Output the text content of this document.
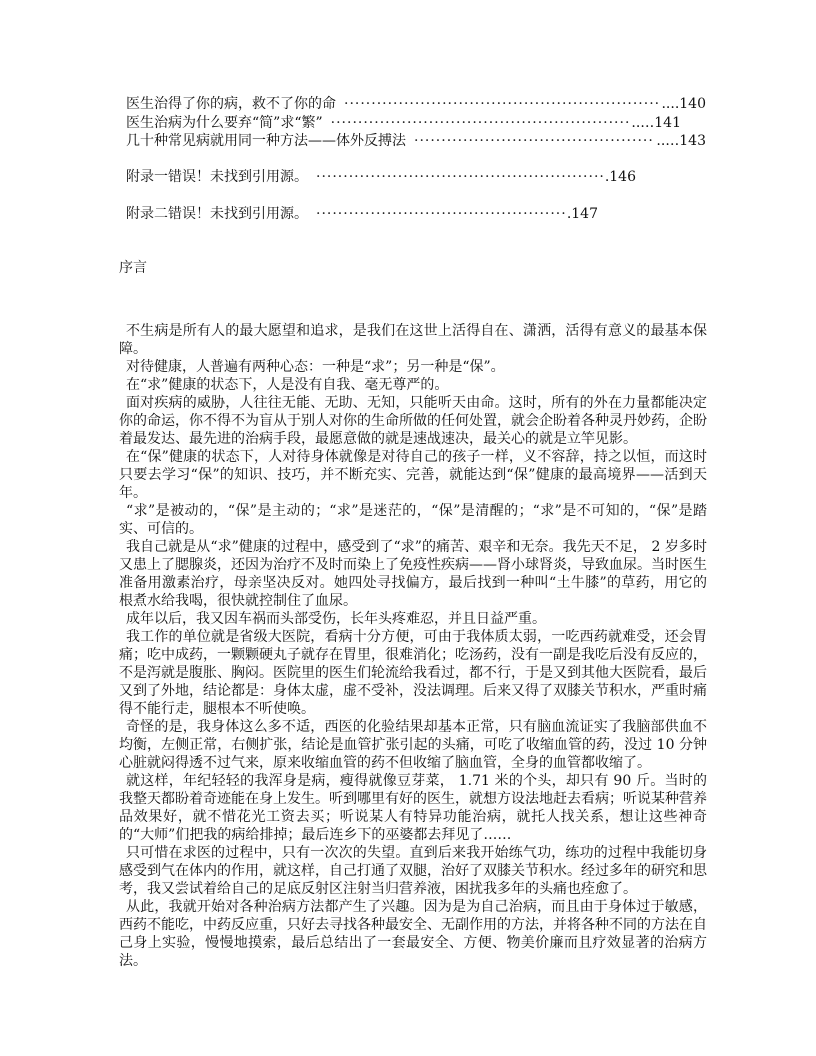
医生治得了你的病，救不了你的命 ·····	....140
医生治病为什么要弃“简”求“繁” ·····	..…141
几十种常见病就用同一种方法——体外反搏法 ·····	..…143
附录一错误！未找到引用源。 ·····	.146
附录二错误！未找到引用源。 ·····	.147
序言

不生病是所有人的最大愿望和追求，是我们在这世上活得自在、潇洒，活得有意义的最基本保障。

对待健康，人普遍有两种心态：一种是“求”；另一种是“保”。

在“求”健康的状态下，人是没有自我、毫无尊严的。

面对疾病的威胁，人往往无能、无助、无知，只能听天由命。这时，所有的外在力量都能决定你的命运，你不得不为盲从于别人对你的生命所做的任何处置，就会企盼着各种灵丹妙药，企盼着最发达、最先进的治病手段，最愿意做的就是速战速决，最关心的就是立竿见影。

在“保”健康的状态下，人对待身体就像是对待自己的孩子一样，义不容辞，持之以恒，而这时只要去学习“保”的知识、技巧，并不断充实、完善，就能达到“保”健康的最高境界——活到天年。

“求”是被动的，“保”是主动的；“求”是迷茫的，“保”是清醒的；“求”是不可知的，“保”是踏实、可信的。

我自己就是从“求”健康的过程中，感受到了“求”的痛苦、艰辛和无奈。我先天不足， 2 岁多时又患上了腮腺炎，还因为治疗不及时而染上了免疫性疾病——肾小球肾炎，导致血尿。当时医生准备用激素治疗，母亲坚决反对。她四处寻找偏方，最后找到一种叫“土牛膝”的草药，用它的根煮水给我喝，很快就控制住了血尿。

成年以后，我又因车祸而头部受伤，长年头疼难忍，并且日益严重。

我工作的单位就是省级大医院，看病十分方便，可由于我体质太弱，一吃西药就难受，还会胃痛；吃中成药，一颗颗硬丸子就存在胃里，很难消化；吃汤药，没有一副是我吃后没有反应的，不是泻就是腹胀、胸闷。医院里的医生们轮流给我看过，都不行，于是又到其他大医院看，最后又到了外地，结论都是：身体太虚，虚不受补，没法调理。后来又得了双膝关节积水，严重时痛得不能行走，腿根本不听使唤。

奇怪的是，我身体这么多不适，西医的化验结果却基本正常，只有脑血流证实了我脑部供血不均衡，左侧正常，右侧扩张，结论是血管扩张引起的头痛，可吃了收缩血管的药，没过 10 分钟心脏就闷得透不过气来，原来收缩血管的药不但收缩了脑血管，全身的血管都收缩了。

就这样，年纪轻轻的我浑身是病，瘦得就像豆芽菜， 1.71 米的个头，却只有 90 斤。当时的我整天都盼着奇迹能在身上发生。听到哪里有好的医生，就想方设法地赶去看病；听说某种营养品效果好，就不惜花光工资去买；听说某人有特异功能治病，就托人找关系，想让这些神奇的“大师”们把我的病给排掉；最后连乡下的巫婆都去拜见了……

只可惜在求医的过程中，只有一次次的失望。直到后来我开始练气功，练功的过程中我能切身感受到气在体内的作用，就这样，自己打通了双腿，治好了双膝关节积水。经过多年的研究和思考，我又尝试着给自己的足底反射区注射当归营养液，困扰我多年的头痛也痊愈了。

从此，我就开始对各种治病方法都产生了兴趣。因为是为自己治病，而且由于身体过于敏感，西药不能吃，中药反应重，只好去寻找各种最安全、无副作用的方法，并将各种不同的方法在自己身上实验，慢慢地摸索，最后总结出了一套最安全、方便、物美价廉而且疗效显著的治病方法。
